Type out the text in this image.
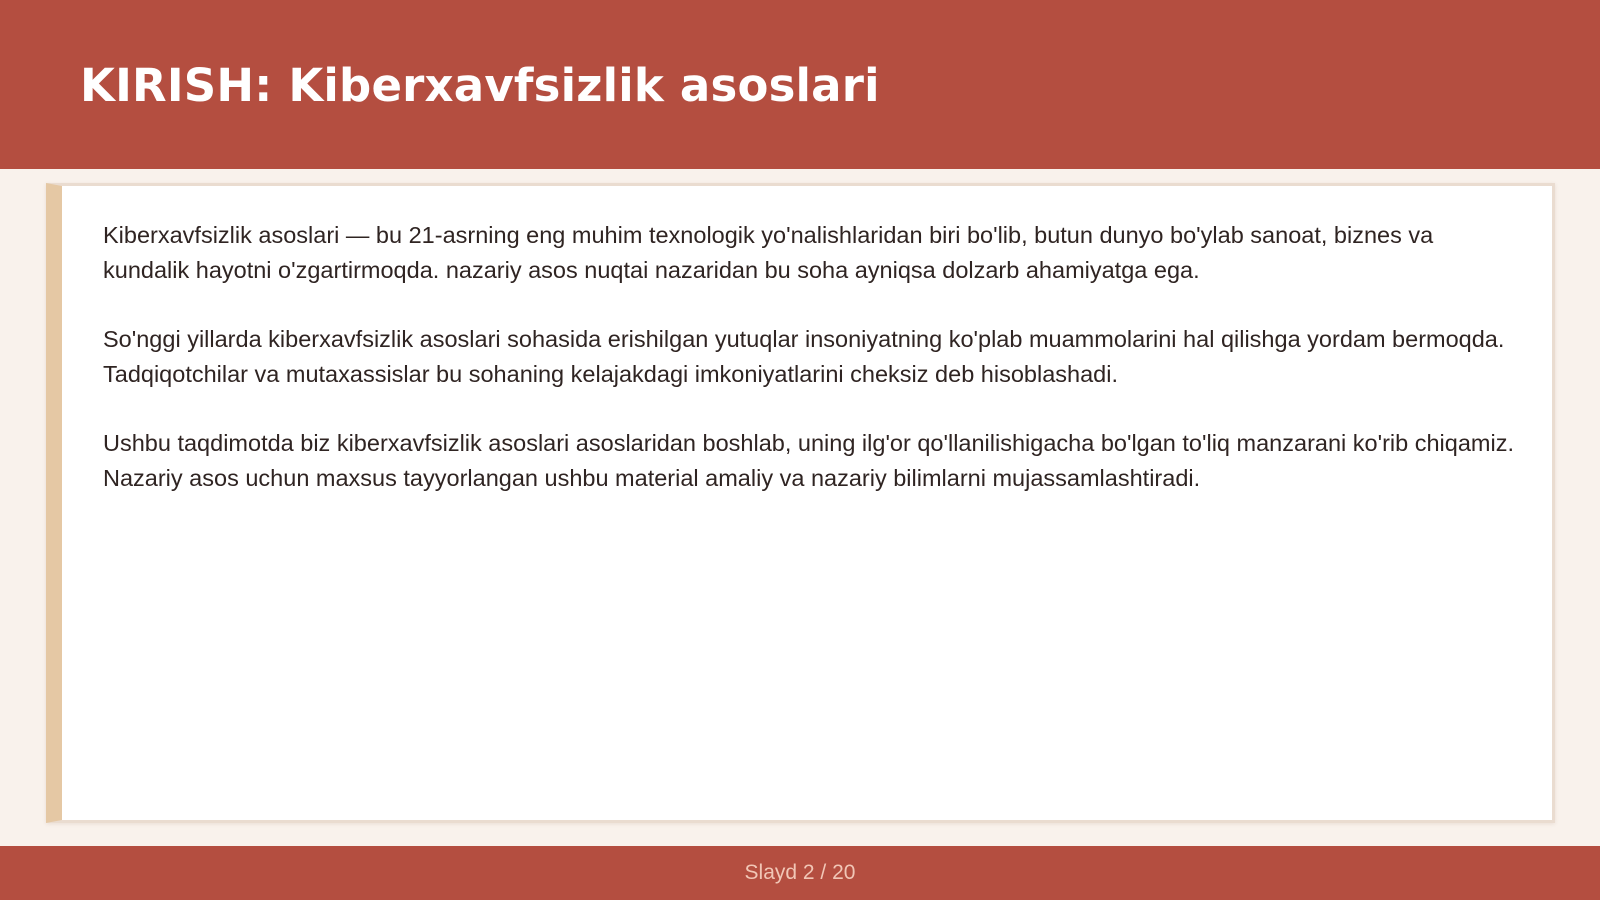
KIRISH: Kiberxavfsizlik asoslari

Kiberxavfsizlik asoslari — bu 21-asrning eng muhim texnologik yo'nalishlaridan biri bo'lib, butun dunyo bo'ylab sanoat, biznes va kundalik hayotni o'zgartirmoqda. nazariy asos nuqtai nazaridan bu soha ayniqsa dolzarb ahamiyatga ega.

So'nggi yillarda kiberxavfsizlik asoslari sohasida erishilgan yutuqlar insoniyatning ko'plab muammolarini hal qilishga yordam bermoqda. Tadqiqotchilar va mutaxassislar bu sohaning kelajakdagi imkoniyatlarini cheksiz deb hisoblashadi.

Ushbu taqdimotda biz kiberxavfsizlik asoslari asoslaridan boshlab, uning ilg'or qo'llanilishigacha bo'lgan to'liq manzarani ko'rib chiqamiz. Nazariy asos uchun maxsus tayyorlangan ushbu material amaliy va nazariy bilimlarni mujassamlashtiradi.

Slayd 2 / 20
